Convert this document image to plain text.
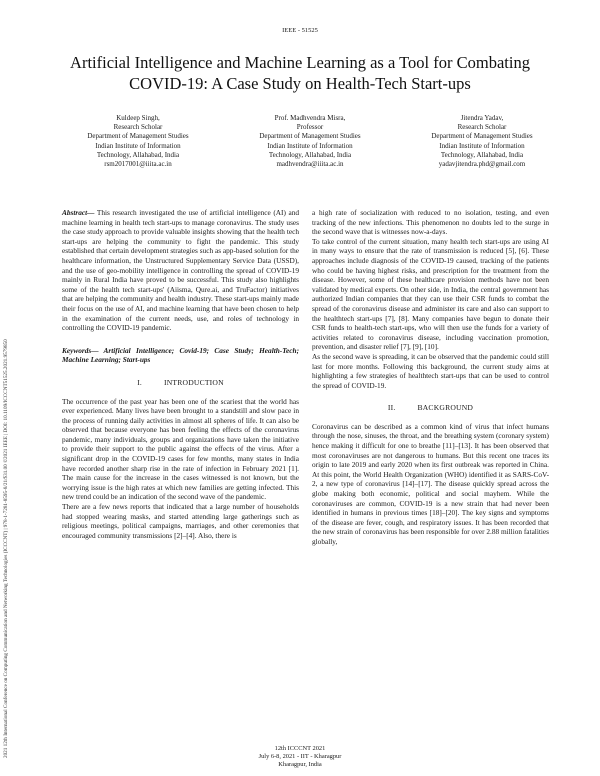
IEEE - 51525
2021 12th International Conference on Computing Communication and Networking Technologies (ICCCNT) | 978-1-7281-8595-8/21/$31.00 ©2021 IEEE | DOI: 10.1109/ICCCNT51525.2021.9579850
Artificial Intelligence and Machine Learning as a Tool for Combating COVID-19: A Case Study on Health-Tech Start-ups
Kuldeep Singh,
Research Scholar
Department of Management Studies
Indian Institute of Information
Technology, Allahabad, India
rsm2017001@iiita.ac.in
Prof. Madhvendra Misra,
Professor
Department of Management Studies
Indian Institute of Information
Technology, Allahabad, India
madhvendra@iiita.ac.in
Jitendra Yadav,
Research Scholar
Department of Management Studies
Indian Institute of Information
Technology, Allahabad, India
yadavjitendra.phd@gmail.com

Abstract— This research investigated the use of artificial intelligence (AI) and machine learning in health tech start-ups to manage coronavirus. The study uses the case study approach to provide valuable insights showing that the health tech start-ups are helping the community to fight the pandemic. This study established that certain development strategies such as app-based solution for the healthcare information, the Unstructured Supplementary Service Data (USSD), and the use of geo-mobility intelligence in controlling the spread of COVID-19 mainly in Rural India have proved to be successful. This study also highlights some of the health tech start-ups' (Aiisma, Qure.ai, and TruFactor) initiatives that are helping the community and health industry. These start-ups mainly made their focus on the use of AI, and machine learning that have been chosen to help in the examination of the current needs, use, and roles of technology in controlling the COVID-19 pandemic.

Keywords— Artificial Intelligence; Covid-19; Case Study; Health-Tech; Machine Learning; Start-ups

I.	INTRODUCTION

The occurrence of the past year has been one of the scariest that the world has ever experienced. Many lives have been brought to a standstill and slow pace in the process of running daily activities in almost all spheres of life. It can also be observed that because everyone has been feeling the effects of the coronavirus pandemic, many individuals, groups and organizations have taken the initiative to provide their support to the public against the effects of the virus. After a significant drop in the COVID-19 cases for few months, many states in India have recorded another sharp rise in the rate of infection in February 2021 [1]. The main cause for the increase in the cases witnessed is not known, but the worrying issue is the high rates at which new families are getting infected. This new trend could be an indication of the second wave of the pandemic.

There are a few news reports that indicated that a large number of households had stopped wearing masks, and started attending large gatherings such as religious meetings, political campaigns, marriages, and other ceremonies that encouraged community transmissions [2]–[4]. Also, there is

a high rate of socialization with reduced to no isolation, testing, and even tracking of the new infections. This phenomenon no doubts led to the surge in the second wave that is witnesses now-a-days.

To take control of the current situation, many health tech start-ups are using AI in many ways to ensure that the rate of transmission is reduced [5], [6]. These approaches include diagnosis of the COVID-19 caused, tracking of the patients who could be having highest risks, and prescription for the treatment from the disease. However, some of these healthcare provision methods have not been validated by medical experts. On other side, in India, the central government has authorized Indian companies that they can use their CSR funds to combat the spread of the coronavirus disease and administer its care and also can support to the healthtech start-ups [7], [8]. Many companies have begun to donate their CSR funds to health-tech start-ups, who will then use the funds for a variety of activities related to coronavirus disease, including vaccination promotion, prevention, and disaster relief [7], [9], [10].

As the second wave is spreading, it can be observed that the pandemic could still last for more months. Following this background, the current study aims at highlighting a few strategies of healthtech start-ups that can be used to control the spread of COVID-19.

II.	BACKGROUND

Coronavirus can be described as a common kind of virus that infect humans through the nose, sinuses, the throat, and the breathing system (coronary system) hence making it difficult for one to breathe [11]–[13]. It has been observed that most coronaviruses are not dangerous to humans. But this recent one traces its origin to late 2019 and early 2020 when its first outbreak was reported in China. At this point, the World Health Organization (WHO) identified it as SARS-CoV-2, a new type of coronavirus [14]–[17]. The disease quickly spread across the globe making both economic, political and social mayhem. While the coronaviruses are common, COVID-19 is a new strain that had never been identified in humans in previous times [18]–[20]. The key signs and symptoms of the disease are fever, cough, and respiratory issues. It has been recorded that the new strain of coronavirus has been responsible for over 2.88 million fatalities globally,

12th ICCCNT 2021
July 6-8, 2021 - IIT - Kharagpur
Kharagpur, India
